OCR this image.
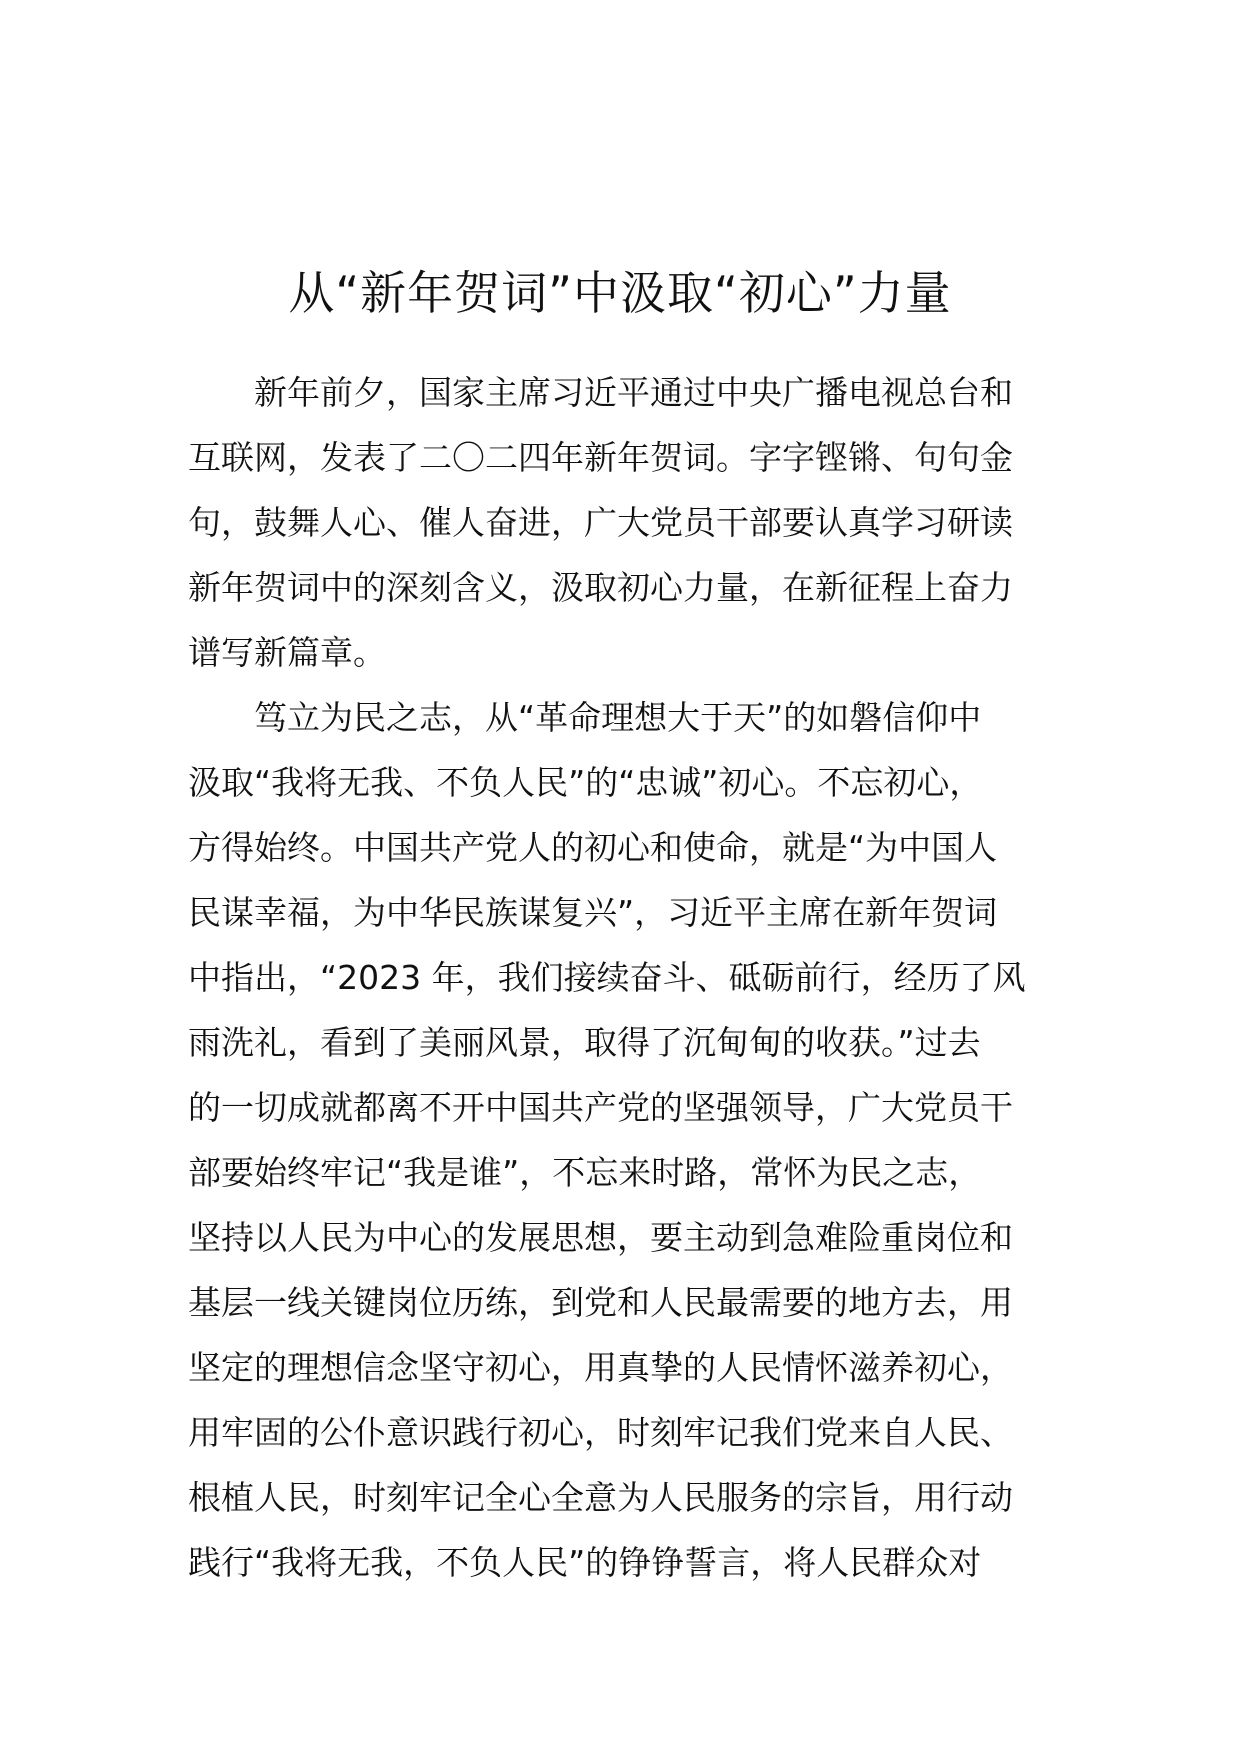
从“新年贺词”中汲取“初心”力量
新年前夕，国家主席习近平通过中央广播电视总台和
互联网，发表了二〇二四年新年贺词。字字铿锵、句句金
句，鼓舞人心、催人奋进，广大党员干部要认真学习研读
新年贺词中的深刻含义，汲取初心力量，在新征程上奋力
谱写新篇章。
笃立为民之志，从“革命理想大于天”的如磐信仰中
汲取“我将无我、不负人民”的“忠诚”初心。不忘初心，
方得始终。中国共产党人的初心和使命，就是“为中国人
民谋幸福，为中华民族谋复兴”，习近平主席在新年贺词
中指出，“2023 年，我们接续奋斗、砥砺前行，经历了风
雨洗礼，看到了美丽风景，取得了沉甸甸的收获。”过去
的一切成就都离不开中国共产党的坚强领导，广大党员干
部要始终牢记“我是谁”，不忘来时路，常怀为民之志，
坚持以人民为中心的发展思想，要主动到急难险重岗位和
基层一线关键岗位历练，到党和人民最需要的地方去，用
坚定的理想信念坚守初心，用真挚的人民情怀滋养初心，
用牢固的公仆意识践行初心，时刻牢记我们党来自人民、
根植人民，时刻牢记全心全意为人民服务的宗旨，用行动
践行“我将无我，不负人民”的铮铮誓言，将人民群众对
